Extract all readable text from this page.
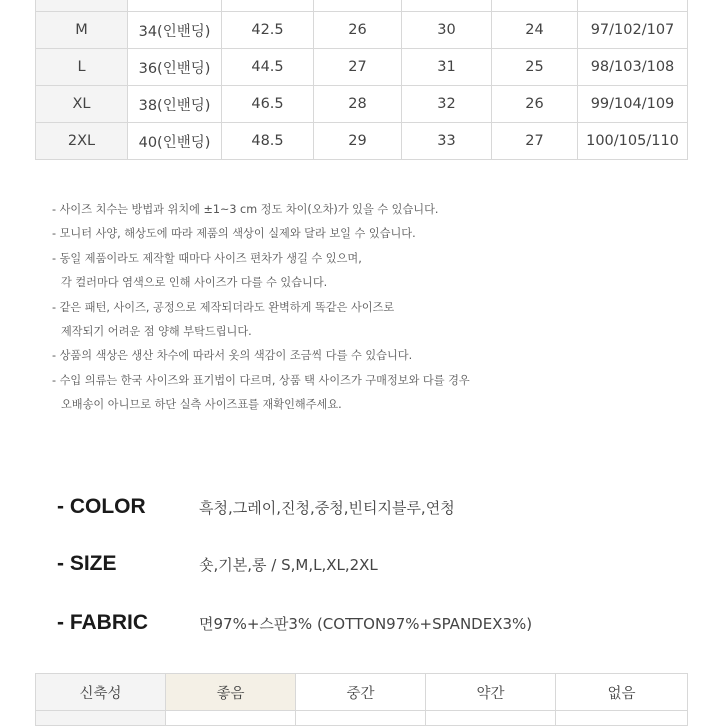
M	34(인밴딩)	42.5	26	30	24	97/102/107
L	36(인밴딩)	44.5	27	31	25	98/103/108
XL	38(인밴딩)	46.5	28	32	26	99/104/109
2XL	40(인밴딩)	48.5	29	33	27	100/105/110
- 사이즈 치수는 방법과 위치에 ±1~3 cm 정도 차이(오차)가 있을 수 있습니다.
- 모니터 사양, 해상도에 따라 제품의 색상이 실제와 달라 보일 수 있습니다.
- 동일 제품이라도 제작할 때마다 사이즈 편차가 생길 수 있으며,
각 컬러마다 염색으로 인해 사이즈가 다를 수 있습니다.
- 같은 패턴, 사이즈, 공정으로 제작되더라도 완벽하게 똑같은 사이즈로
제작되기 어려운 점 양해 부탁드립니다.
- 상품의 색상은 생산 차수에 따라서 옷의 색감이 조금씩 다를 수 있습니다.
- 수입 의류는 한국 사이즈와 표기법이 다르며, 상품 택 사이즈가 구매정보와 다를 경우
오배송이 아니므로 하단 실측 사이즈표를 재확인해주세요.
- COLOR	흑청,그레이,진청,중청,빈티지블루,연청
- SIZE	숏,기본,롱 / S,M,L,XL,2XL
- FABRIC	면97%+스판3% (COTTON97%+SPANDEX3%)
신축성	좋음	중간	약간	없음
